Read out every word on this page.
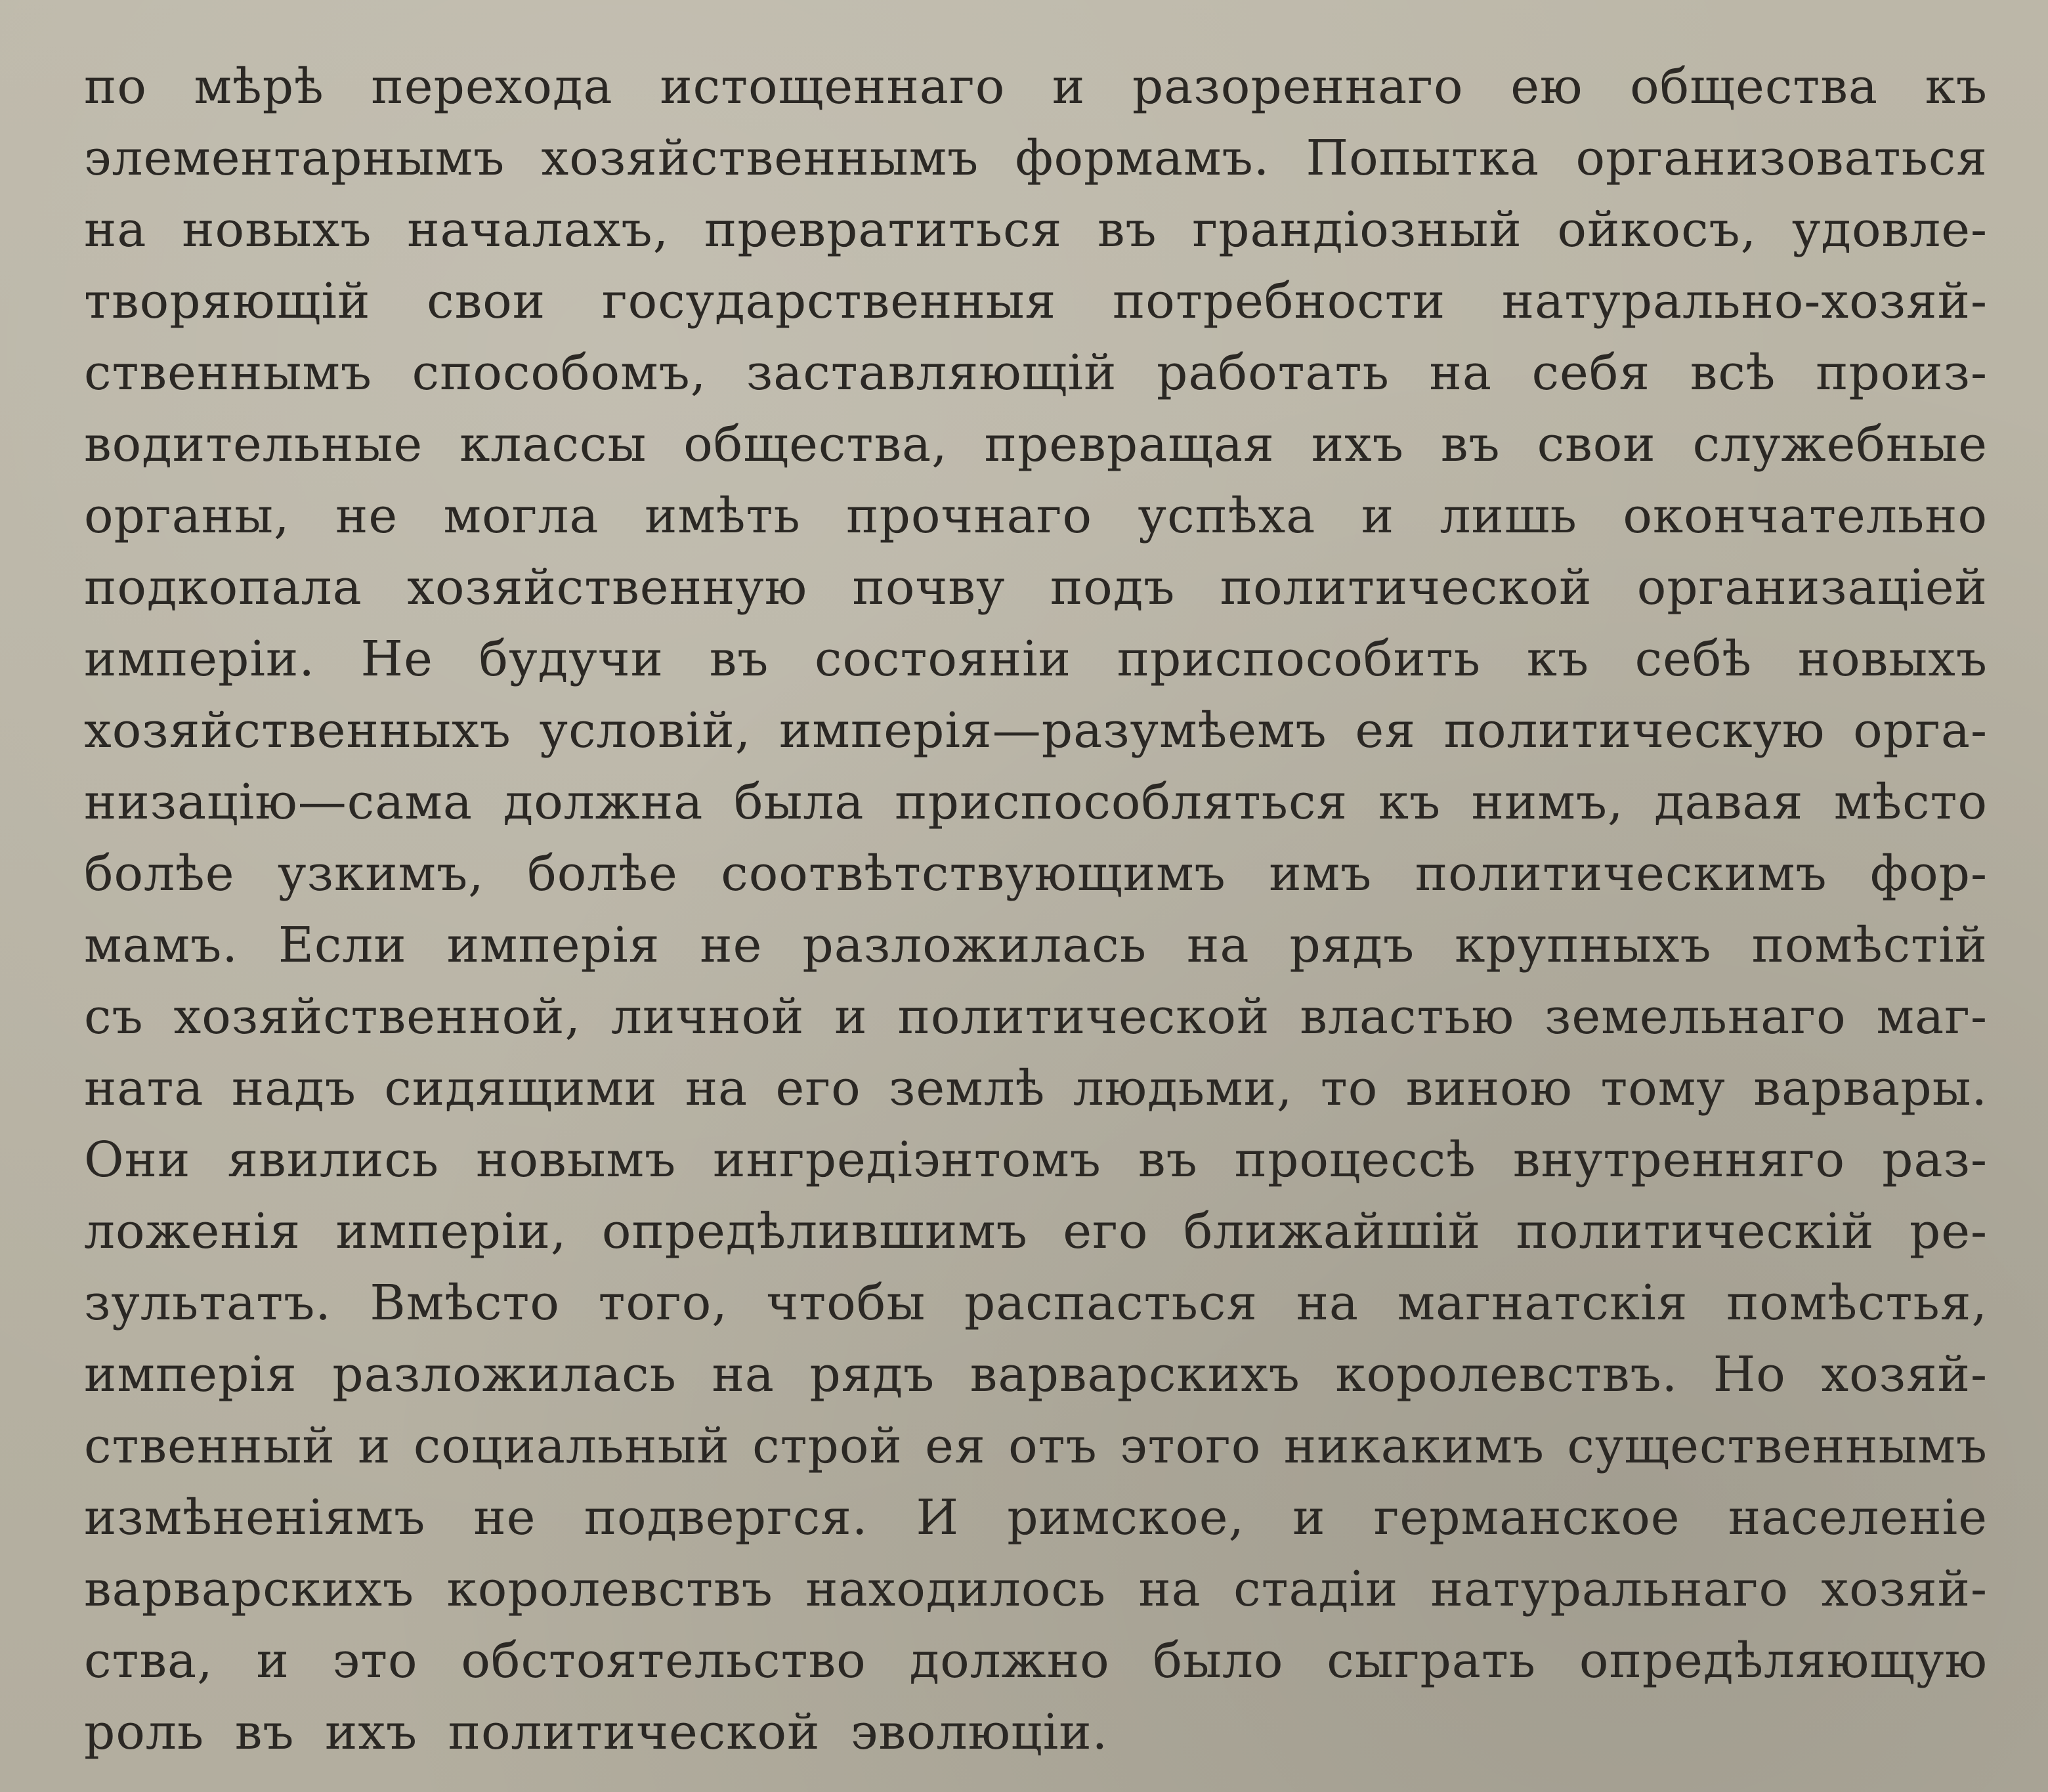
по мѣрѣ перехода истощеннаго и разореннаго ею общества къ
элементарнымъ хозяйственнымъ формамъ. Попытка организоваться
на новыхъ началахъ, превратиться въ грандіозный ойкосъ, удовле-
творяющій свои государственныя потребности натурально-хозяй-
ственнымъ способомъ, заставляющій работать на себя всѣ произ-
водительные классы общества, превращая ихъ въ свои служебные
органы, не могла имѣть прочнаго успѣха и лишь окончательно
подкопала хозяйственную почву подъ политической организаціей
имперіи. Не будучи въ состояніи приспособить къ себѣ новыхъ
хозяйственныхъ условій, имперія—разумѣемъ ея политическую орга-
низацію—сама должна была приспособляться къ нимъ, давая мѣсто
болѣе узкимъ, болѣе соотвѣтствующимъ имъ политическимъ фор-
мамъ. Если имперія не разложилась на рядъ крупныхъ помѣстій
съ хозяйственной, личной и политической властью земельнаго маг-
ната надъ сидящими на его землѣ людьми, то виною тому варвары.
Они явились новымъ ингредіэнтомъ въ процессѣ внутренняго раз-
ложенія имперіи, опредѣлившимъ его ближайшій политическій ре-
зультатъ. Вмѣсто того, чтобы распасться на магнатскія помѣстья,
имперія разложилась на рядъ варварскихъ королевствъ. Но хозяй-
ственный и социальный строй ея отъ этого никакимъ существеннымъ
измѣненіямъ не подвергся. И римское, и германское населеніе
варварскихъ королевствъ находилось на стадіи натуральнаго хозяй-
ства, и это обстоятельство должно было сыграть опредѣляющую
роль въ ихъ политической эволюціи.
